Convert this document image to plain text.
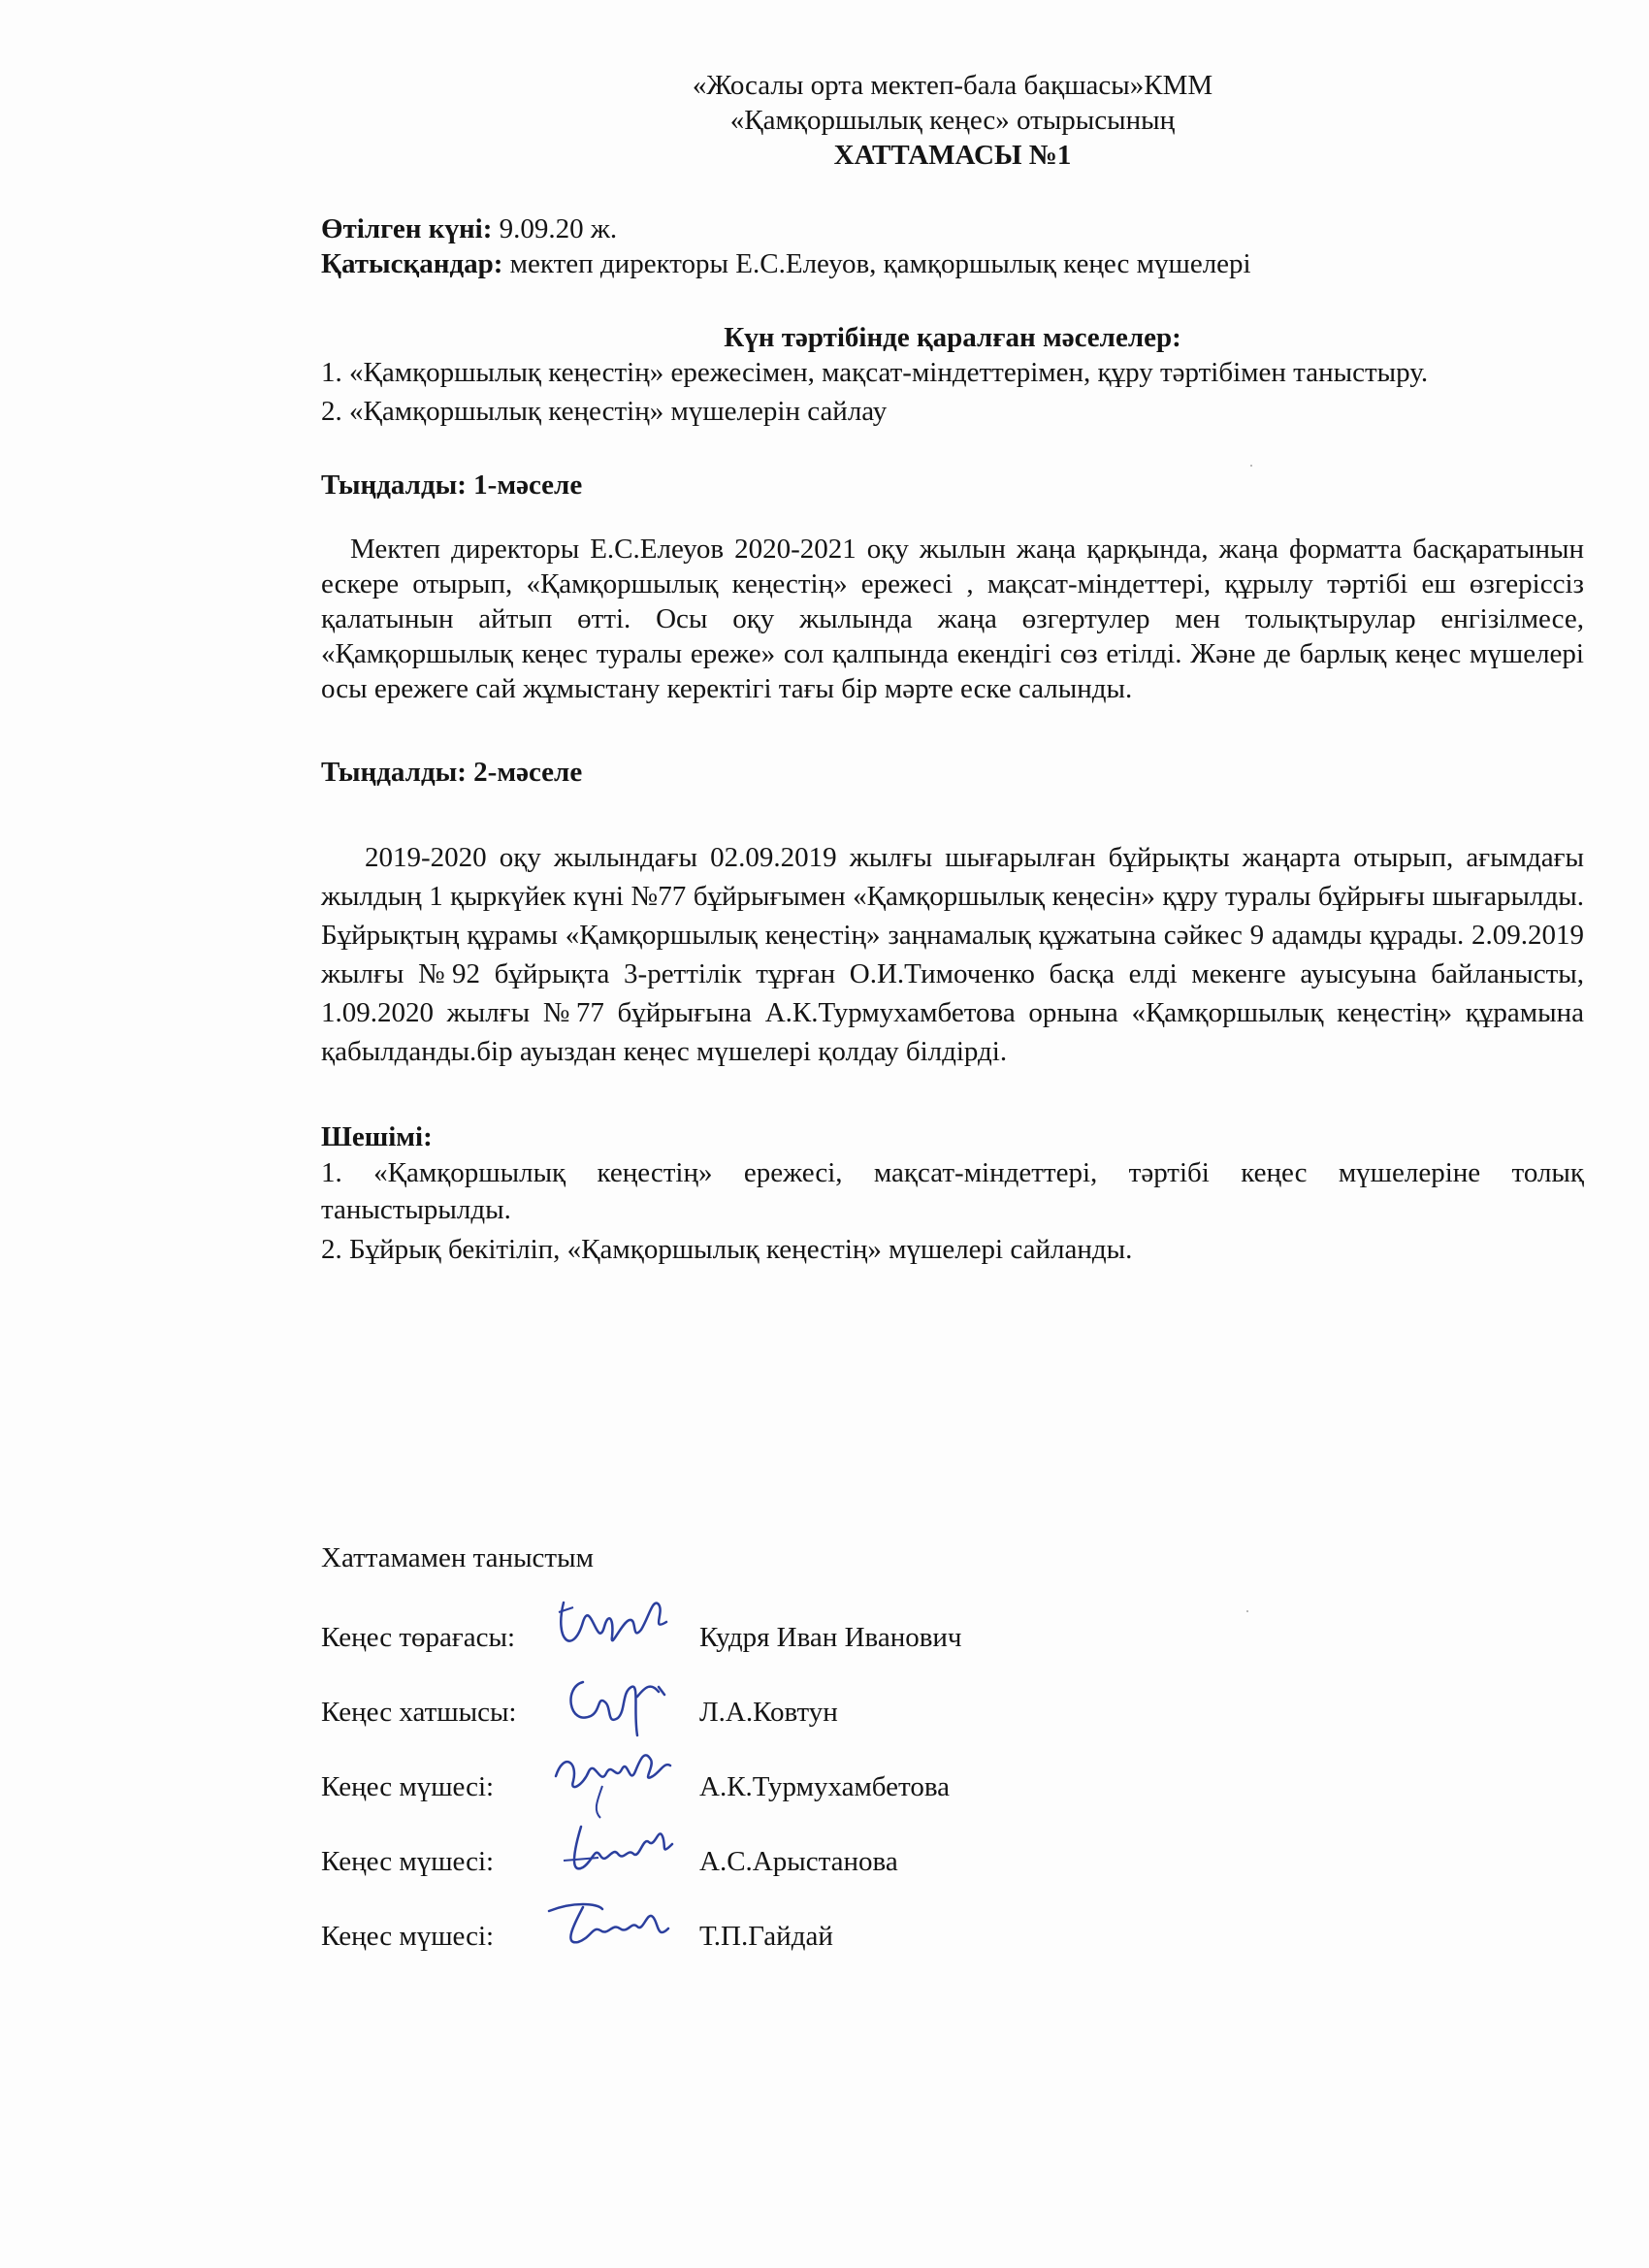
«Жосалы орта мектеп-бала бақшасы»КММ
«Қамқоршылық кеңес» отырысының
ХАТТАМАСЫ №1
Өтілген күні: 9.09.20 ж.
Қатысқандар: мектеп директоры Е.С.Елеуов, қамқоршылық кеңес мүшелері
Күн тәртібінде қаралған мәселелер:
1. «Қамқоршылық кеңестің» ережесімен, мақсат-міндеттерімен, құру тәртібімен таныстыру.
2. «Қамқоршылық кеңестің» мүшелерін сайлау
Тыңдалды: 1-мәселе
Мектеп директоры Е.С.Елеуов 2020-2021 оқу жылын жаңа қарқында, жаңа форматта басқаратынын ескере отырып, «Қамқоршылық кеңестің» ережесі , мақсат-міндеттері, құрылу тәртібі еш өзгеріссіз қалатынын айтып өтті. Осы оқу жылында жаңа өзгертулер мен толықтырулар енгізілмесе, «Қамқоршылық кеңес туралы ереже» сол қалпында екендігі сөз етілді. Және де барлық кеңес мүшелері осы ережеге сай жұмыстану керектігі тағы бір мәрте еске салынды.
Тыңдалды: 2-мәселе
2019-2020 оқу жылындағы 02.09.2019 жылғы шығарылған бұйрықты жаңарта отырып, ағымдағы жылдың 1 қыркүйек күні №77 бұйрығымен «Қамқоршылық кеңесін» құру туралы бұйрығы шығарылды. Бұйрықтың құрамы «Қамқоршылық кеңестің» заңнамалық құжатына сәйкес 9 адамды құрады. 2.09.2019 жылғы №92 бұйрықта 3-реттілік тұрған О.И.Тимоченко басқа елді мекенге ауысуына байланысты, 1.09.2020 жылғы №77 бұйрығына А.К.Турмухамбетова орнына «Қамқоршылық кеңестің» құрамына қабылданды.бір ауыздан кеңес мүшелері қолдау білдірді.
Шешімі:
1. «Қамқоршылық кеңестің» ережесі, мақсат-міндеттері, тәртібі кеңес мүшелеріне толық таныстырылды.
2. Бұйрық бекітіліп, «Қамқоршылық кеңестің» мүшелері сайланды.
Хаттамамен таныстым
Кеңес төрағасы:	Кудря Иван Иванович
Кеңес хатшысы:	Л.А.Ковтун
Кеңес мүшесі:	А.К.Турмухамбетова
Кеңес мүшесі:	А.С.Арыстанова
Кеңес мүшесі:	Т.П.Гайдай
